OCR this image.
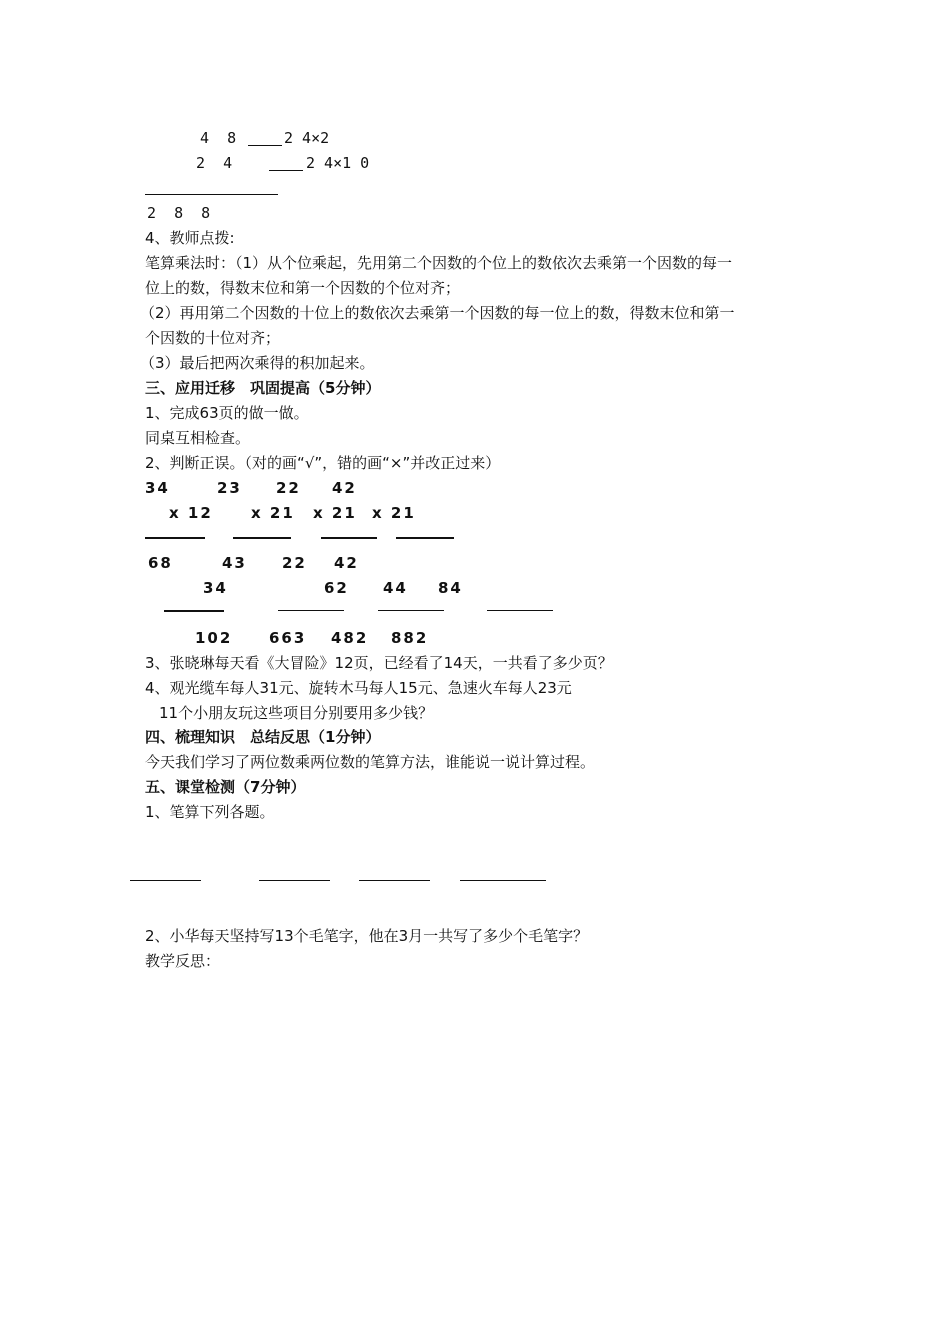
4  8	2 4×2
2  4	2 4×1 0
2  8  8
4、教师点拨:
笔算乘法时：（1）从个位乘起，先用第二个因数的个位上的数依次去乘第一个因数的每一
位上的数，得数末位和第一个因数的个位对齐；
（2）再用第二个因数的十位上的数依次去乘第一个因数的每一位上的数，得数末位和第一
个因数的十位对齐；
（3）最后把两次乘得的积加起来。
三、应用迁移　巩固提高（5分钟）
1、完成63页的做一做。
同桌互相检查。
2、判断正误。（对的画“√”，错的画“×”并改正过来）
34	23 22 42
x 12	x 21 x 21 x 21
68	43 22 42
34	62 44 84
102 663 482 882
3、张晓琳每天看《大冒险》12页，已经看了14天，一共看了多少页？
4、观光缆车每人31元、旋转木马每人15元、急速火车每人23元
11个小朋友玩这些项目分别要用多少钱？
四、梳理知识　总结反思（1分钟）
今天我们学习了两位数乘两位数的笔算方法，谁能说一说计算过程。
五、课堂检测（7分钟）
1、笔算下列各题。
2、小华每天坚持写13个毛笔字，他在3月一共写了多少个毛笔字？
教学反思：
